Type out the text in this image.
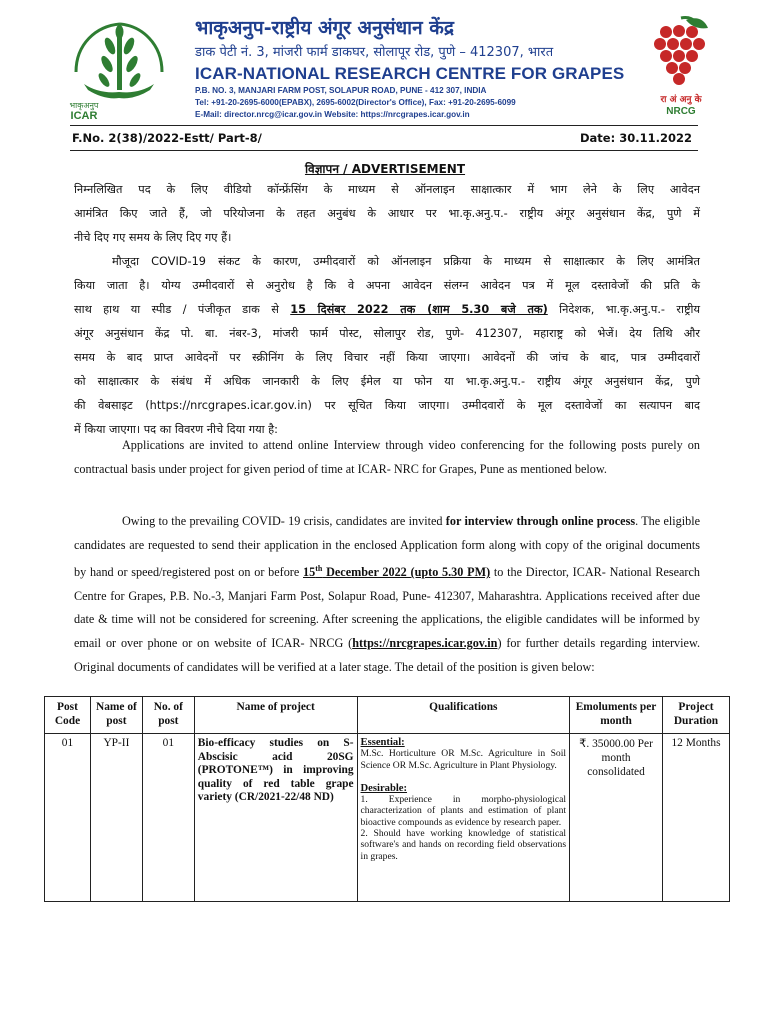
भाकृअनुप
ICAR
भाकृअनुप-राष्ट्रीय अंगूर अनुसंधान केंद्र
डाक पेटी नं. 3, मांजरी फार्म डाकघर, सोलापूर रोड, पुणे – 412307, भारत
ICAR-NATIONAL RESEARCH CENTRE FOR GRAPES
P.B. NO. 3, MANJARI FARM POST, SOLAPUR ROAD, PUNE - 412 307, INDIA
Tel: +91-20-2695-6000(EPABX), 2695-6002(Director's Office), Fax: +91-20-2695-6099
E-Mail: director.nrcg@icar.gov.in Website: https://nrcgrapes.icar.gov.in
रा अं अनु के
NRCG
F.No. 2(38)/2022-Estt/ Part-8/	Date: 30.11.2022
विज्ञापन / ADVERTISEMENT

निम्नलिखित पद के लिए वीडियो कॉन्फ्रेंसिंग के माध्यम से ऑनलाइन साक्षात्कार में भाग लेने के लिए आवेदन

आमंत्रित किए जाते हैं, जो परियोजना के तहत अनुबंध के आधार पर भा.कृ.अनु.प.- राष्ट्रीय अंगूर अनुसंधान केंद्र, पुणे में

नीचे दिए गए समय के लिए दिए गए हैं।

मौजूदा COVID-19 संकट के कारण, उम्मीदवारों को ऑनलाइन प्रक्रिया के माध्यम से साक्षात्कार के लिए आमंत्रित

किया जाता है। योग्य उम्मीदवारों से अनुरोध है कि वे अपना आवेदन संलग्न आवेदन पत्र में मूल दस्तावेजों की प्रति के

साथ हाथ या स्पीड / पंजीकृत डाक से 15 दिसंबर 2022 तक (शाम 5.30 बजे तक) निदेशक, भा.कृ.अनु.प.- राष्ट्रीय

अंगूर अनुसंधान केंद्र पो. बा. नंबर-3, मांजरी फार्म पोस्ट, सोलापुर रोड, पुणे- 412307, महाराष्ट्र को भेजें। देय तिथि और

समय के बाद प्राप्त आवेदनों पर स्क्रीनिंग के लिए विचार नहीं किया जाएगा। आवेदनों की जांच के बाद, पात्र उम्मीदवारों

को साक्षात्कार के संबंध में अधिक जानकारी के लिए ईमेल या फोन या भा.कृ.अनु.प.- राष्ट्रीय अंगूर अनुसंधान केंद्र, पुणे

की वेबसाइट (https://nrcgrapes.icar.gov.in) पर सूचित किया जाएगा। उम्मीदवारों के मूल दस्तावेजों का सत्यापन बाद

में किया जाएगा। पद का विवरण नीचे दिया गया है:

Applications are invited to attend online Interview through video conferencing for the following posts purely on contractual basis under project for given period of time at ICAR- NRC for Grapes, Pune as mentioned below.

Owing to the prevailing COVID- 19 crisis, candidates are invited for interview through online process. The eligible candidates are requested to send their application in the enclosed Application form along with copy of the original documents by hand or speed/registered post on or before 15th December 2022 (upto 5.30 PM) to the Director, ICAR- National Research Centre for Grapes, P.B. No.-3, Manjari Farm Post, Solapur Road, Pune- 412307, Maharashtra. Applications received after due date & time will not be considered for screening. After screening the applications, the eligible candidates will be informed by email or over phone or on website of ICAR- NRCG (https://nrcgrapes.icar.gov.in) for further details regarding interview. Original documents of candidates will be verified at a later stage. The detail of the position is given below:

Post Code	Name of post	No. of post	Name of project	Qualifications	Emoluments per month	Project Duration
01	YP-II	01	Bio-efficacy studies on S-Abscisic acid 20SG (PROTONE™) in improving quality of red table grape variety (CR/2021-22/48 ND)	Essential:
M.Sc. Horticulture OR M.Sc. Agriculture in Soil Science OR M.Sc. Agriculture in Plant Physiology.
Desirable:
1. Experience in morpho-physiological characterization of plants and estimation of plant bioactive compounds as evidence by research paper.
2. Should have working knowledge of statistical software's and hands on recording field observations in grapes.	₹. 35000.00 Per month consolidated	12 Months
